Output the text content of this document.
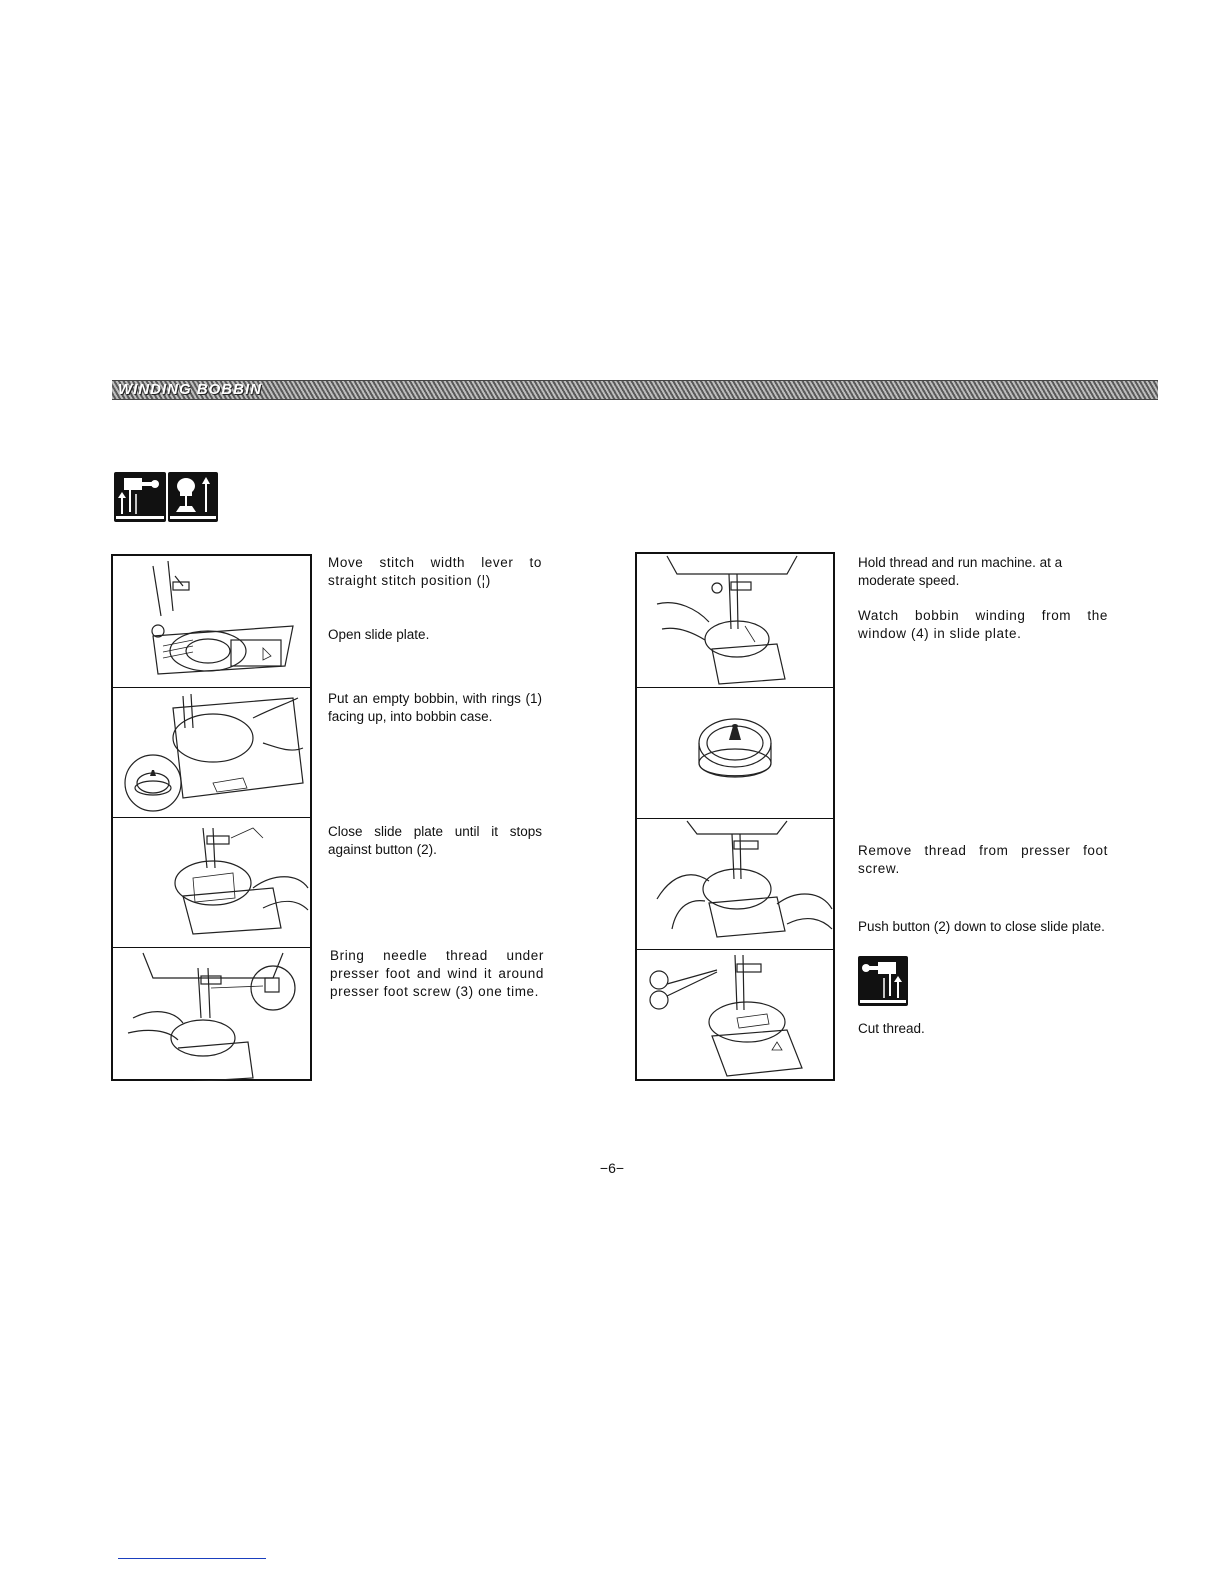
WINDING BOBBIN
Move stitch width lever to straight stitch position (¦)
Open slide plate.
Put an empty bobbin, with rings (1) facing up, into bobbin case.
Close slide plate until it stops against button (2).
Bring needle thread under presser foot and wind it around presser foot screw (3) one time.
Hold thread and run machine. at a moderate speed.
Watch bobbin winding from the window (4) in slide plate.
Remove thread from presser foot screw.
Push button (2) down to close slide plate.
Cut thread.
−6−
